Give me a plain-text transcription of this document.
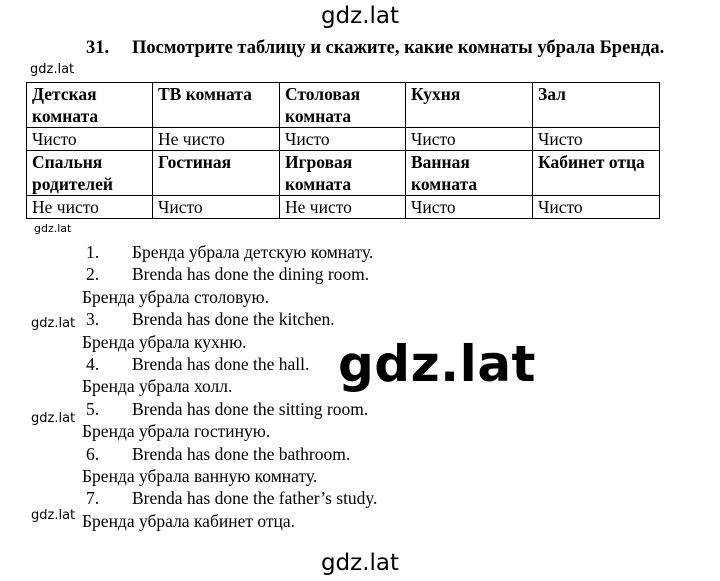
gdz.lat
gdz.lat
gdz.lat
gdz.lat
gdz.lat
gdz.lat
gdz.lat
gdz.lat
31. Посмотрите таблицу и скажите, какие комнаты убрала Бренда.
Детская комната	ТВ комната	Столовая комната	Кухня	Зал
Чисто	Не чисто	Чисто	Чисто	Чисто
Спальня родителей	Гостиная	Игровая комната	Ванная комната	Кабинет отца
Не чисто	Чисто	Не чисто	Чисто	Чисто
1. Бренда убрала детскую комнату.
2. Brenda has done the dining room.
Бренда убрала столовую.
3. Brenda has done the kitchen.
Бренда убрала кухню.
4. Brenda has done the hall.
Бренда убрала холл.
5. Brenda has done the sitting room.
Бренда убрала гостиную.
6. Brenda has done the bathroom.
Бренда убрала ванную комнату.
7. Brenda has done the father’s study.
Бренда убрала кабинет отца.
